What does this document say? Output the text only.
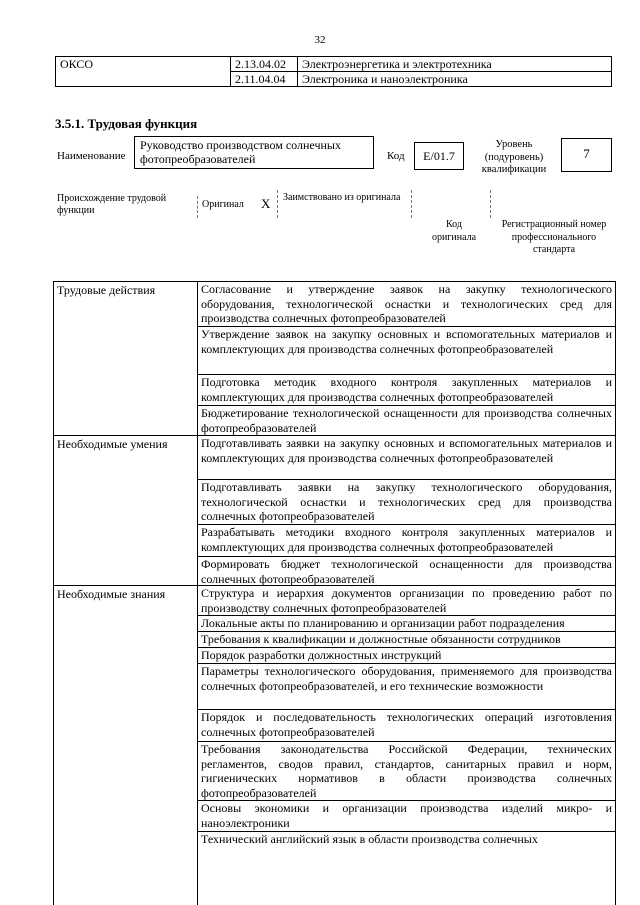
32
ОКСО	2.13.04.02	Электроэнергетика и электротехника
	2.11.04.04	Электроника и наноэлектроника
3.5.1. Трудовая функция
Наименование
Руководство производством солнечных фотопреобразователей	Код	E/01.7
Уровень (подуровень) квалификации
7
Происхождение трудовой функции
Оригинал X Заимствовано из оригинала
Код оригинала
Регистрационный номер профессионального стандарта
Трудовые действия	Согласование и утверждение заявок на закупку технологического оборудования, технологической оснастки и технологических сред для производства солнечных фотопреобразователей
Утверждение заявок на закупку основных и вспомогательных материалов и комплектующих для производства солнечных фотопреобразователей
Подготовка методик входного контроля закупленных материалов и комплектующих для производства солнечных фотопреобразователей
Бюджетирование технологической оснащенности для производства солнечных фотопреобразователей
Необходимые умения	Подготавливать заявки на закупку основных и вспомогательных материалов и комплектующих для производства солнечных фотопреобразователей
Подготавливать заявки на закупку технологического оборудования, технологической оснастки и технологических сред для производства солнечных фотопреобразователей
Разрабатывать методики входного контроля закупленных материалов и комплектующих для производства солнечных фотопреобразователей
Формировать бюджет технологической оснащенности для производства солнечных фотопреобразователей
Необходимые знания	Структура и иерархия документов организации по проведению работ по производству солнечных фотопреобразователей
Локальные акты по планированию и организации работ подразделения
Требования к квалификации и должностные обязанности сотрудников
Порядок разработки должностных инструкций
Параметры технологического оборудования, применяемого для производства солнечных фотопреобразователей, и его технические возможности
Порядок и последовательность технологических операций изготовления солнечных фотопреобразователей
Требования законодательства Российской Федерации, технических регламентов, сводов правил, стандартов, санитарных правил и норм, гигиенических нормативов в области производства солнечных фотопреобразователей
Основы экономики и организации производства изделий микро- и наноэлектроники
Технический английский язык в области производства солнечных
